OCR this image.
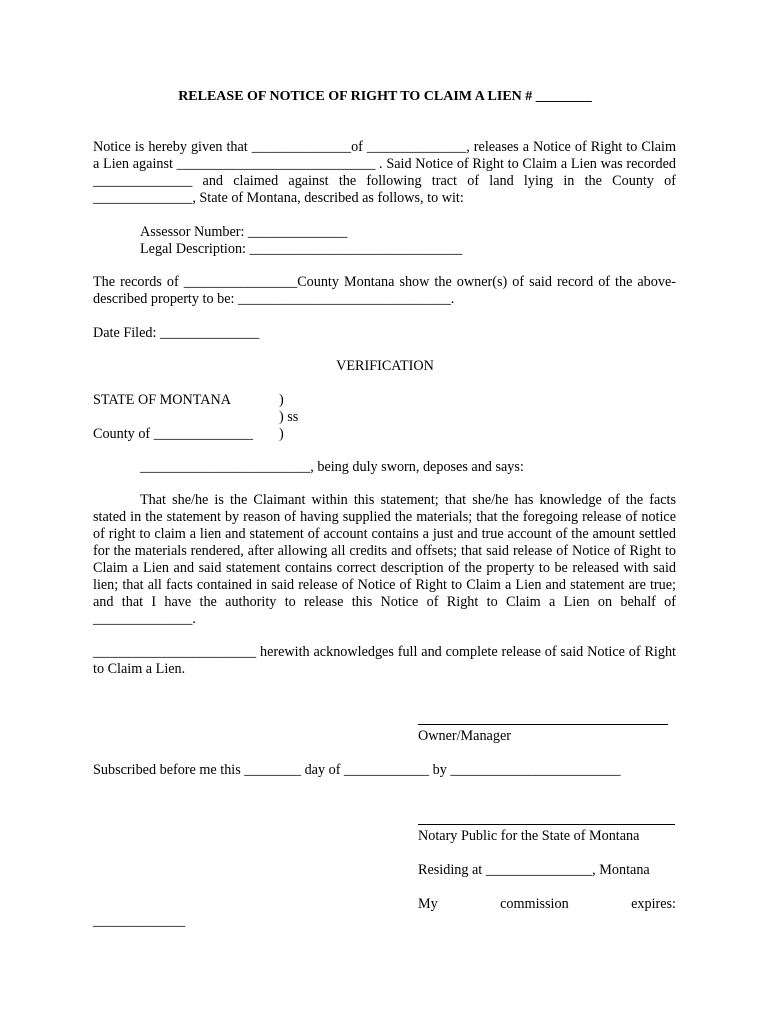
RELEASE OF NOTICE OF RIGHT TO CLAIM A LIEN # ________

Notice is hereby given that ______________of ______________, releases a Notice of Right to Claim a Lien against ____________________________ . Said Notice of Right to Claim a Lien was recorded ______________ and claimed against the following tract of land lying in the County of ______________, State of Montana, described as follows, to wit:

Assessor Number: ______________

Legal Description: ______________________________

The records of ________________County Montana show the owner(s) of said record of the above-described property to be: ______________________________.

Date Filed: ______________

VERIFICATION

STATE OF MONTANA	)

) ss

County of ______________	)

________________________, being duly sworn, deposes and says:

That she/he is the Claimant within this statement; that she/he has knowledge of the facts stated in the statement by reason of having supplied the materials; that the foregoing release of notice of right to claim a lien and statement of account contains a just and true account of the amount settled for the materials rendered, after allowing all credits and offsets; that said release of Notice of Right to Claim a Lien and said statement contains correct description of the property to be released with said lien; that all facts contained in said release of Notice of Right to Claim a Lien and statement are true; and that I have the authority to release this Notice of Right to Claim a Lien on behalf of ______________.

_______________________ herewith acknowledges full and complete release of said Notice of Right to Claim a Lien.

Owner/Manager

Subscribed before me this ________ day of ____________ by ________________________

Notary Public for the State of Montana

Residing at _______________, Montana

My	commission	expires:

_____________
